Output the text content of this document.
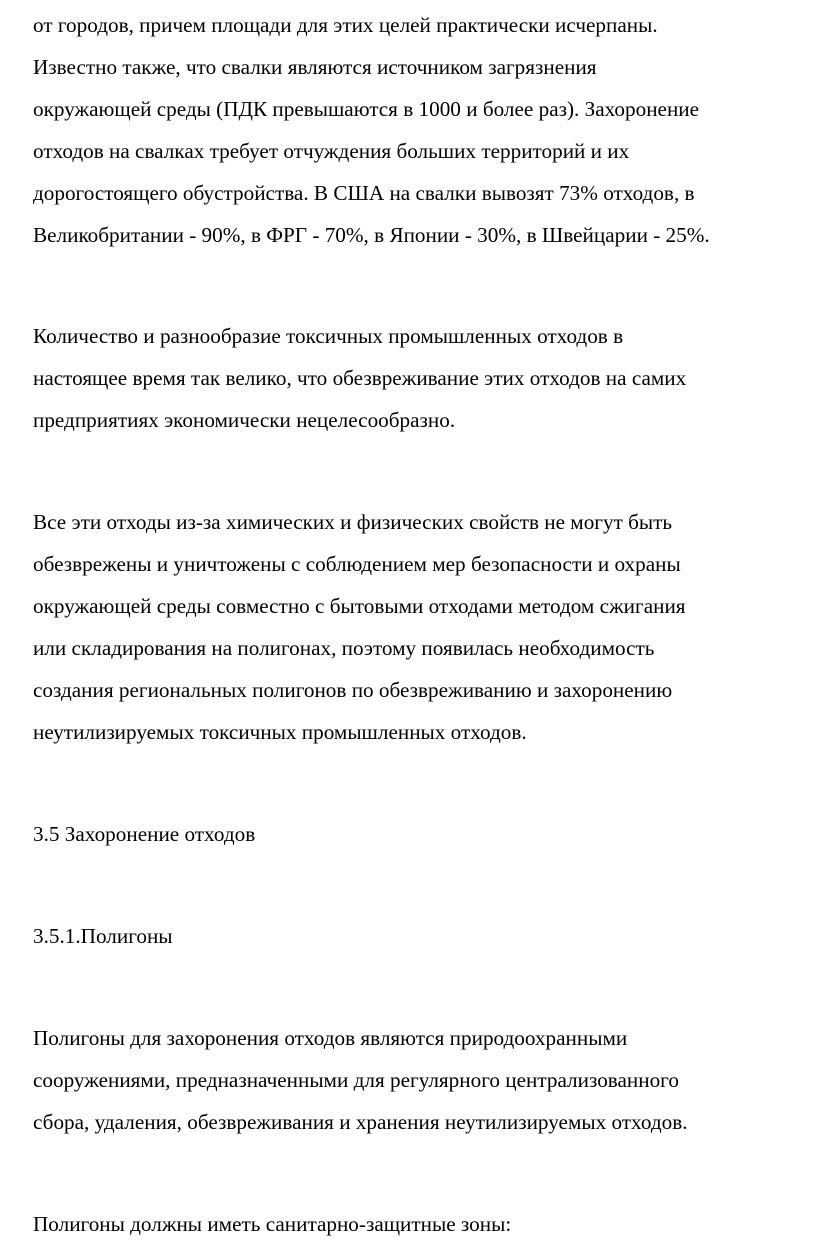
от городов, причем площади для этих целей практически исчерпаны.

Известно также, что свалки являются источником загрязнения

окружающей среды (ПДК превышаются в 1000 и более раз). Захоронение

отходов на свалках требует отчуждения больших территорий и их

дорогостоящего обустройства. В США на свалки вывозят 73% отходов, в

Великобритании - 90%, в ФРГ - 70%, в Японии - 30%, в Швейцарии - 25%.

Количество и разнообразие токсичных промышленных отходов в

настоящее время так велико, что обезвреживание этих отходов на самих

предприятиях экономически нецелесообразно.

Все эти отходы из-за химических и физических свойств не могут быть

обезврежены и уничтожены с соблюдением мер безопасности и охраны

окружающей среды совместно с бытовыми отходами методом сжигания

или складирования на полигонах, поэтому появилась необходимость

создания региональных полигонов по обезвреживанию и захоронению

неутилизируемых токсичных промышленных отходов.

3.5 Захоронение отходов
3.5.1.Полигоны

Полигоны для захоронения отходов являются природоохранными

сооружениями, предназначенными для регулярного централизованного

сбора, удаления, обезвреживания и хранения неутилизируемых отходов.

Полигоны должны иметь санитарно-защитные зоны:
